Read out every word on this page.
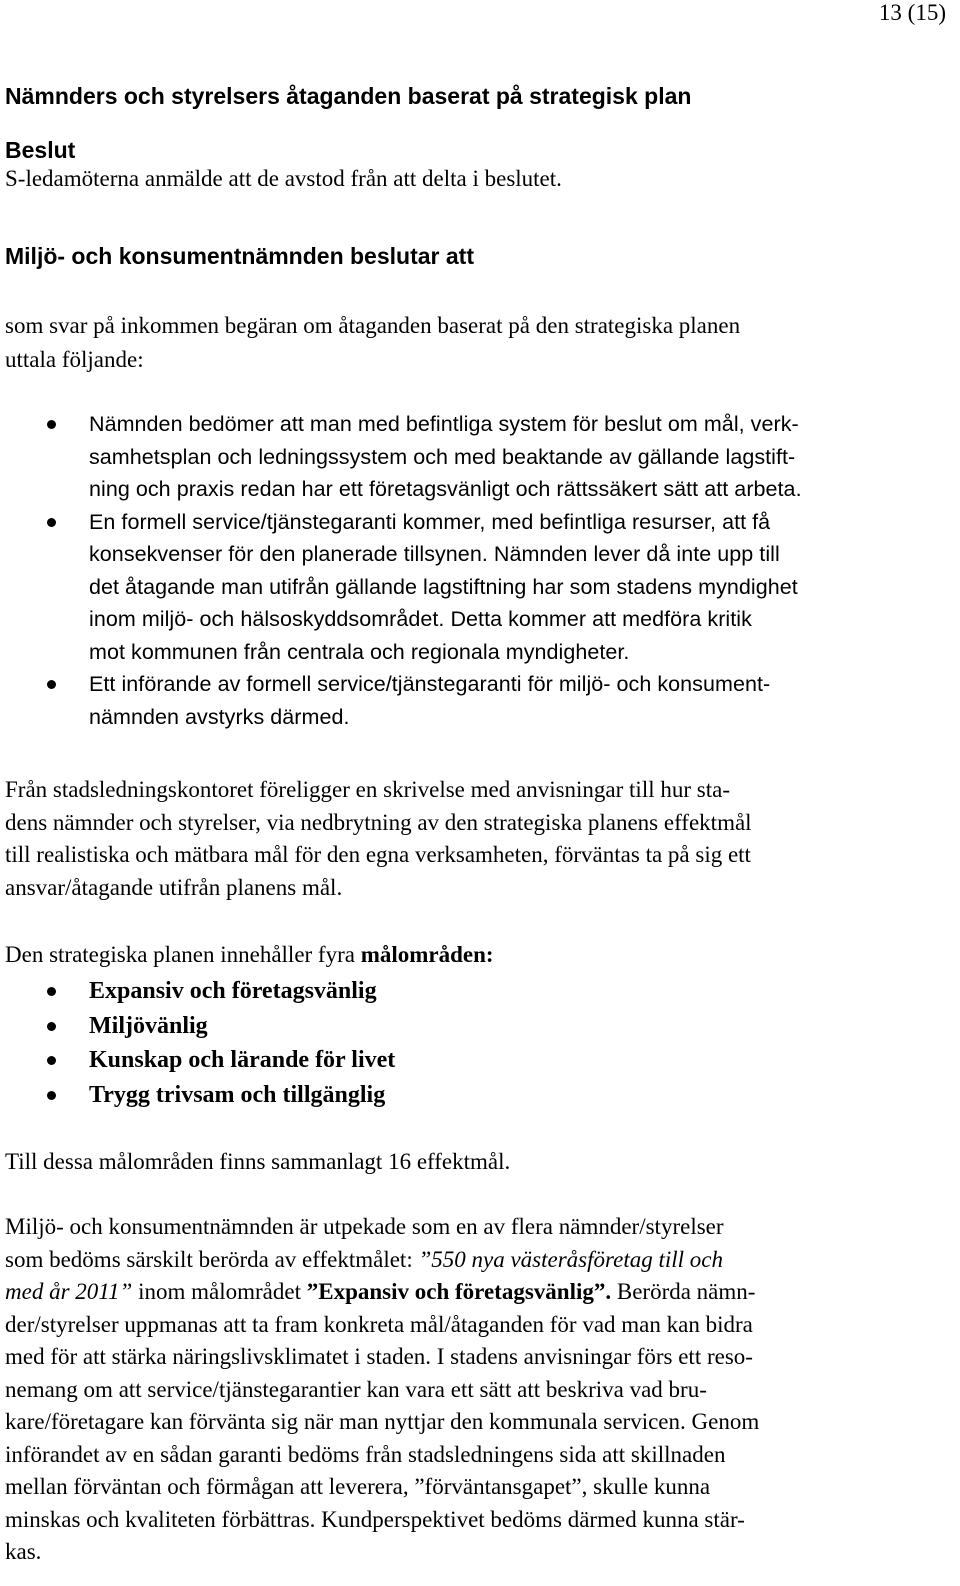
13 (15)
Nämnders och styrelsers åtaganden baserat på strategisk plan
Beslut

S-ledamöterna anmälde att de avstod från att delta i beslutet.

Miljö- och konsumentnämnden beslutar att
som svar på inkommen begäran om åtaganden baserat på den strategiska planen
uttala följande:
Nämnden bedömer att man med befintliga system för beslut om mål, verk-
samhetsplan och ledningssystem och med beaktande av gällande lagstift-
ning och praxis redan har ett företagsvänligt och rättssäkert sätt att arbeta.
En formell service/tjänstegaranti kommer, med befintliga resurser, att få
konsekvenser för den planerade tillsynen. Nämnden lever då inte upp till
det åtagande man utifrån gällande lagstiftning har som stadens myndighet
inom miljö- och hälsoskyddsområdet. Detta kommer att medföra kritik
mot kommunen från centrala och regionala myndigheter.
Ett införande av formell service/tjänstegaranti för miljö- och konsument-
nämnden avstyrks därmed.

Från stadsledningskontoret föreligger en skrivelse med anvisningar till hur sta-

dens nämnder och styrelser, via nedbrytning av den strategiska planens effektmål

till realistiska och mätbara mål för den egna verksamheten, förväntas ta på sig ett

ansvar/åtagande utifrån planens mål.

Den strategiska planen innehåller fyra målområden:

Expansiv och företagsvänlig
Miljövänlig
Kunskap och lärande för livet
Trygg trivsam och tillgänglig

Till dessa målområden finns sammanlagt 16 effektmål.

Miljö- och konsumentnämnden är utpekade som en av flera nämnder/styrelser

som bedöms särskilt berörda av effektmålet: ”550 nya västeråsföretag till och

med år 2011” inom målområdet ”Expansiv och företagsvänlig”. Berörda nämn-

der/styrelser uppmanas att ta fram konkreta mål/åtaganden för vad man kan bidra

med för att stärka näringslivsklimatet i staden. I stadens anvisningar förs ett reso-

nemang om att service/tjänstegarantier kan vara ett sätt att beskriva vad bru-

kare/företagare kan förvänta sig när man nyttjar den kommunala servicen. Genom

införandet av en sådan garanti bedöms från stadsledningens sida att skillnaden

mellan förväntan och förmågan att leverera, ”förväntansgapet”, skulle kunna

minskas och kvaliteten förbättras. Kundperspektivet bedöms därmed kunna stär-

kas.
